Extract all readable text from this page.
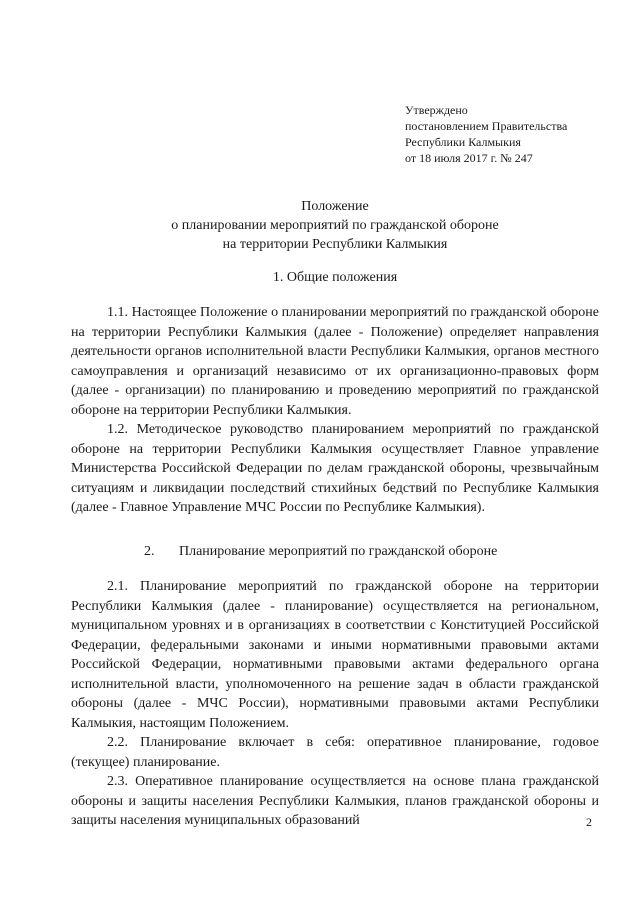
Утверждено
постановлением Правительства
Республики Калмыкия
от 18 июля 2017 г. № 247
Положение
о планировании мероприятий по гражданской обороне
на территории Республики Калмыкия
1. Общие положения

1.1. Настоящее Положение о планировании мероприятий по гражданской обороне на территории Республики Калмыкия (далее - Положение) определяет направления деятельности органов исполнительной власти Республики Калмыкия, органов местного самоуправления и организаций независимо от их организационно-правовых форм (далее - организации) по планированию и проведению мероприятий по гражданской обороне на территории Республики Калмыкия.

1.2. Методическое руководство планированием мероприятий по гражданской обороне на территории Республики Калмыкия осуществляет Главное управление Министерства Российской Федерации по делам гражданской обороны, чрезвычайным ситуациям и ликвидации последствий стихийных бедствий по Республике Калмыкия (далее - Главное Управление МЧС России по Республике Калмыкия).

2. Планирование мероприятий по гражданской обороне

2.1. Планирование мероприятий по гражданской обороне на территории Республики Калмыкия (далее - планирование) осуществляется на региональном, муниципальном уровнях и в организациях в соответствии с Конституцией Российской Федерации, федеральными законами и иными нормативными правовыми актами Российской Федерации, нормативными правовыми актами федерального органа исполнительной власти, уполномоченного на решение задач в области гражданской обороны (далее - МЧС России), нормативными правовыми актами Республики Калмыкия, настоящим Положением.

2.2. Планирование включает в себя: оперативное планирование, годовое (текущее) планирование.

2.3. Оперативное планирование осуществляется на основе плана гражданской обороны и защиты населения Республики Калмыкия, планов гражданской обороны и защиты населения муниципальных образований	2
